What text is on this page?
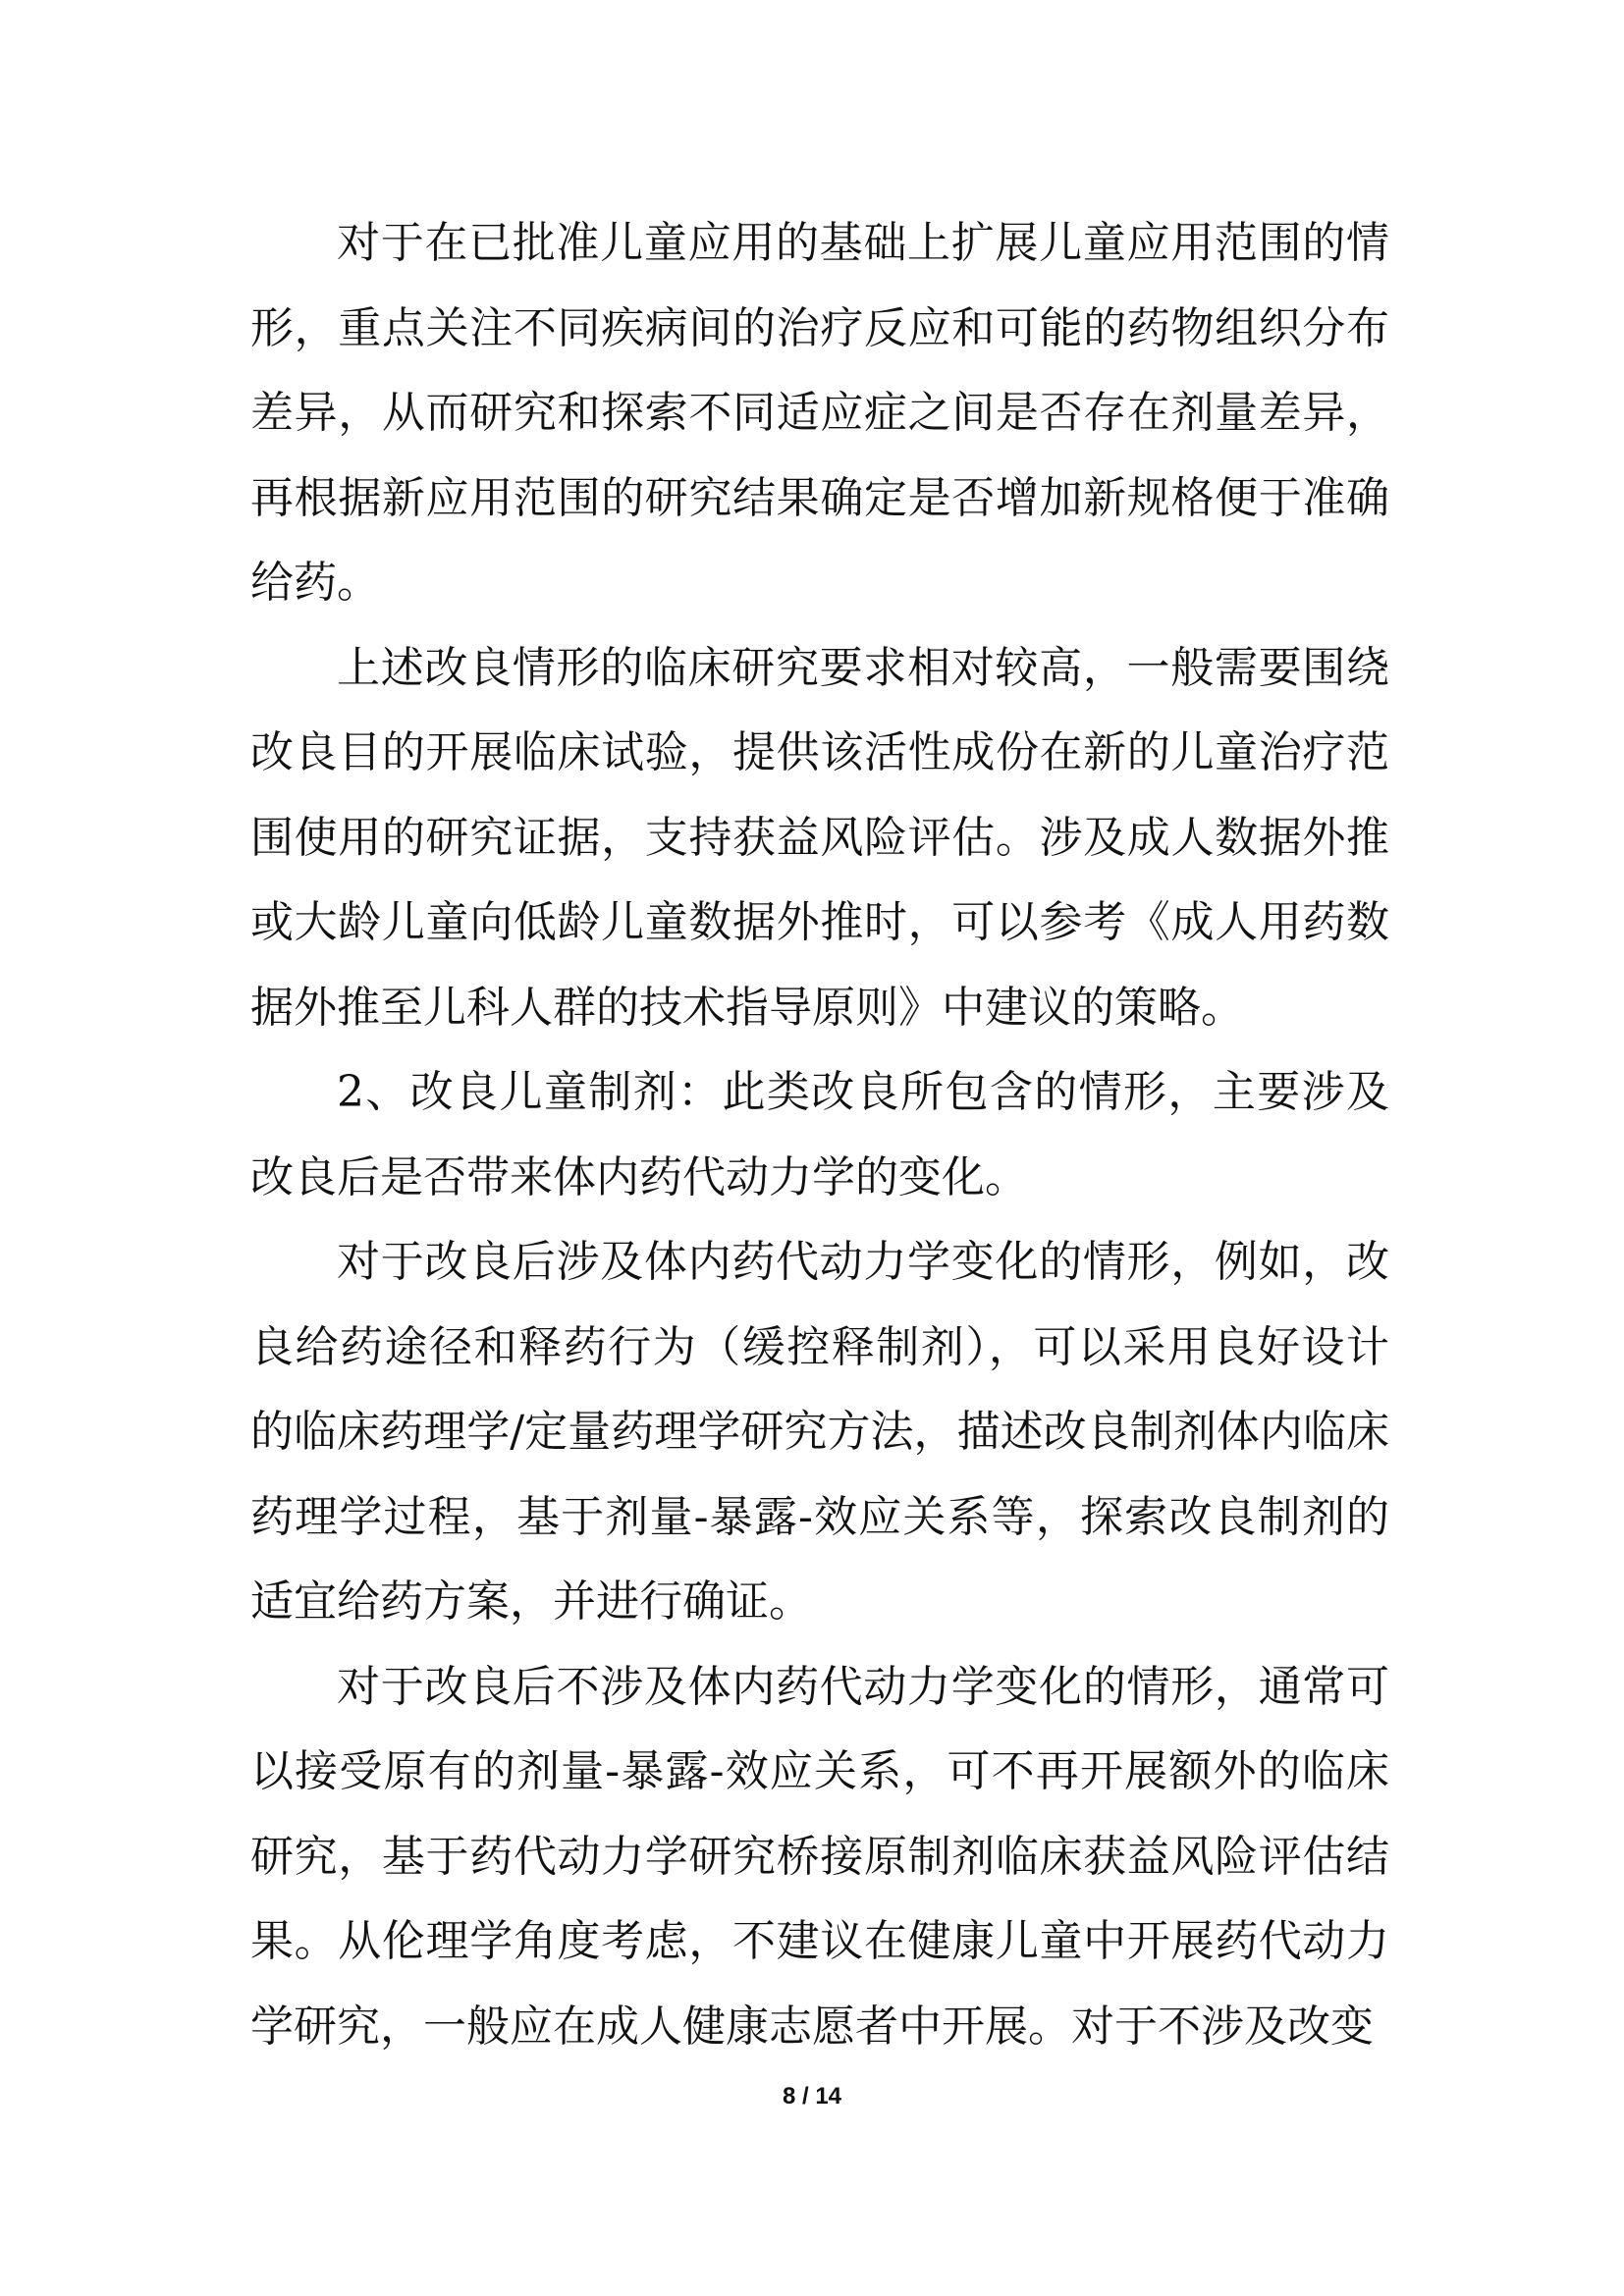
对于在已批准儿童应用的基础上扩展儿童应用范围的情形，重点关注不同疾病间的治疗反应和可能的药物组织分布差异，从而研究和探索不同适应症之间是否存在剂量差异，再根据新应用范围的研究结果确定是否增加新规格便于准确给药。

上述改良情形的临床研究要求相对较高，一般需要围绕改良目的开展临床试验，提供该活性成份在新的儿童治疗范围使用的研究证据，支持获益风险评估。涉及成人数据外推或大龄儿童向低龄儿童数据外推时，可以参考《成人用药数据外推至儿科人群的技术指导原则》中建议的策略。

2、改良儿童制剂：此类改良所包含的情形，主要涉及改良后是否带来体内药代动力学的变化。

对于改良后涉及体内药代动力学变化的情形，例如，改良给药途径和释药行为（缓控释制剂），可以采用良好设计的临床药理学/定量药理学研究方法，描述改良制剂体内临床药理学过程，基于剂量-暴露-效应关系等，探索改良制剂的适宜给药方案，并进行确证。

对于改良后不涉及体内药代动力学变化的情形，通常可以接受原有的剂量-暴露-效应关系，可不再开展额外的临床研究，基于药代动力学研究桥接原制剂临床获益风险评估结果。从伦理学角度考虑，不建议在健康儿童中开展药代动力学研究，一般应在成人健康志愿者中开展。对于不涉及改变

8 / 14
